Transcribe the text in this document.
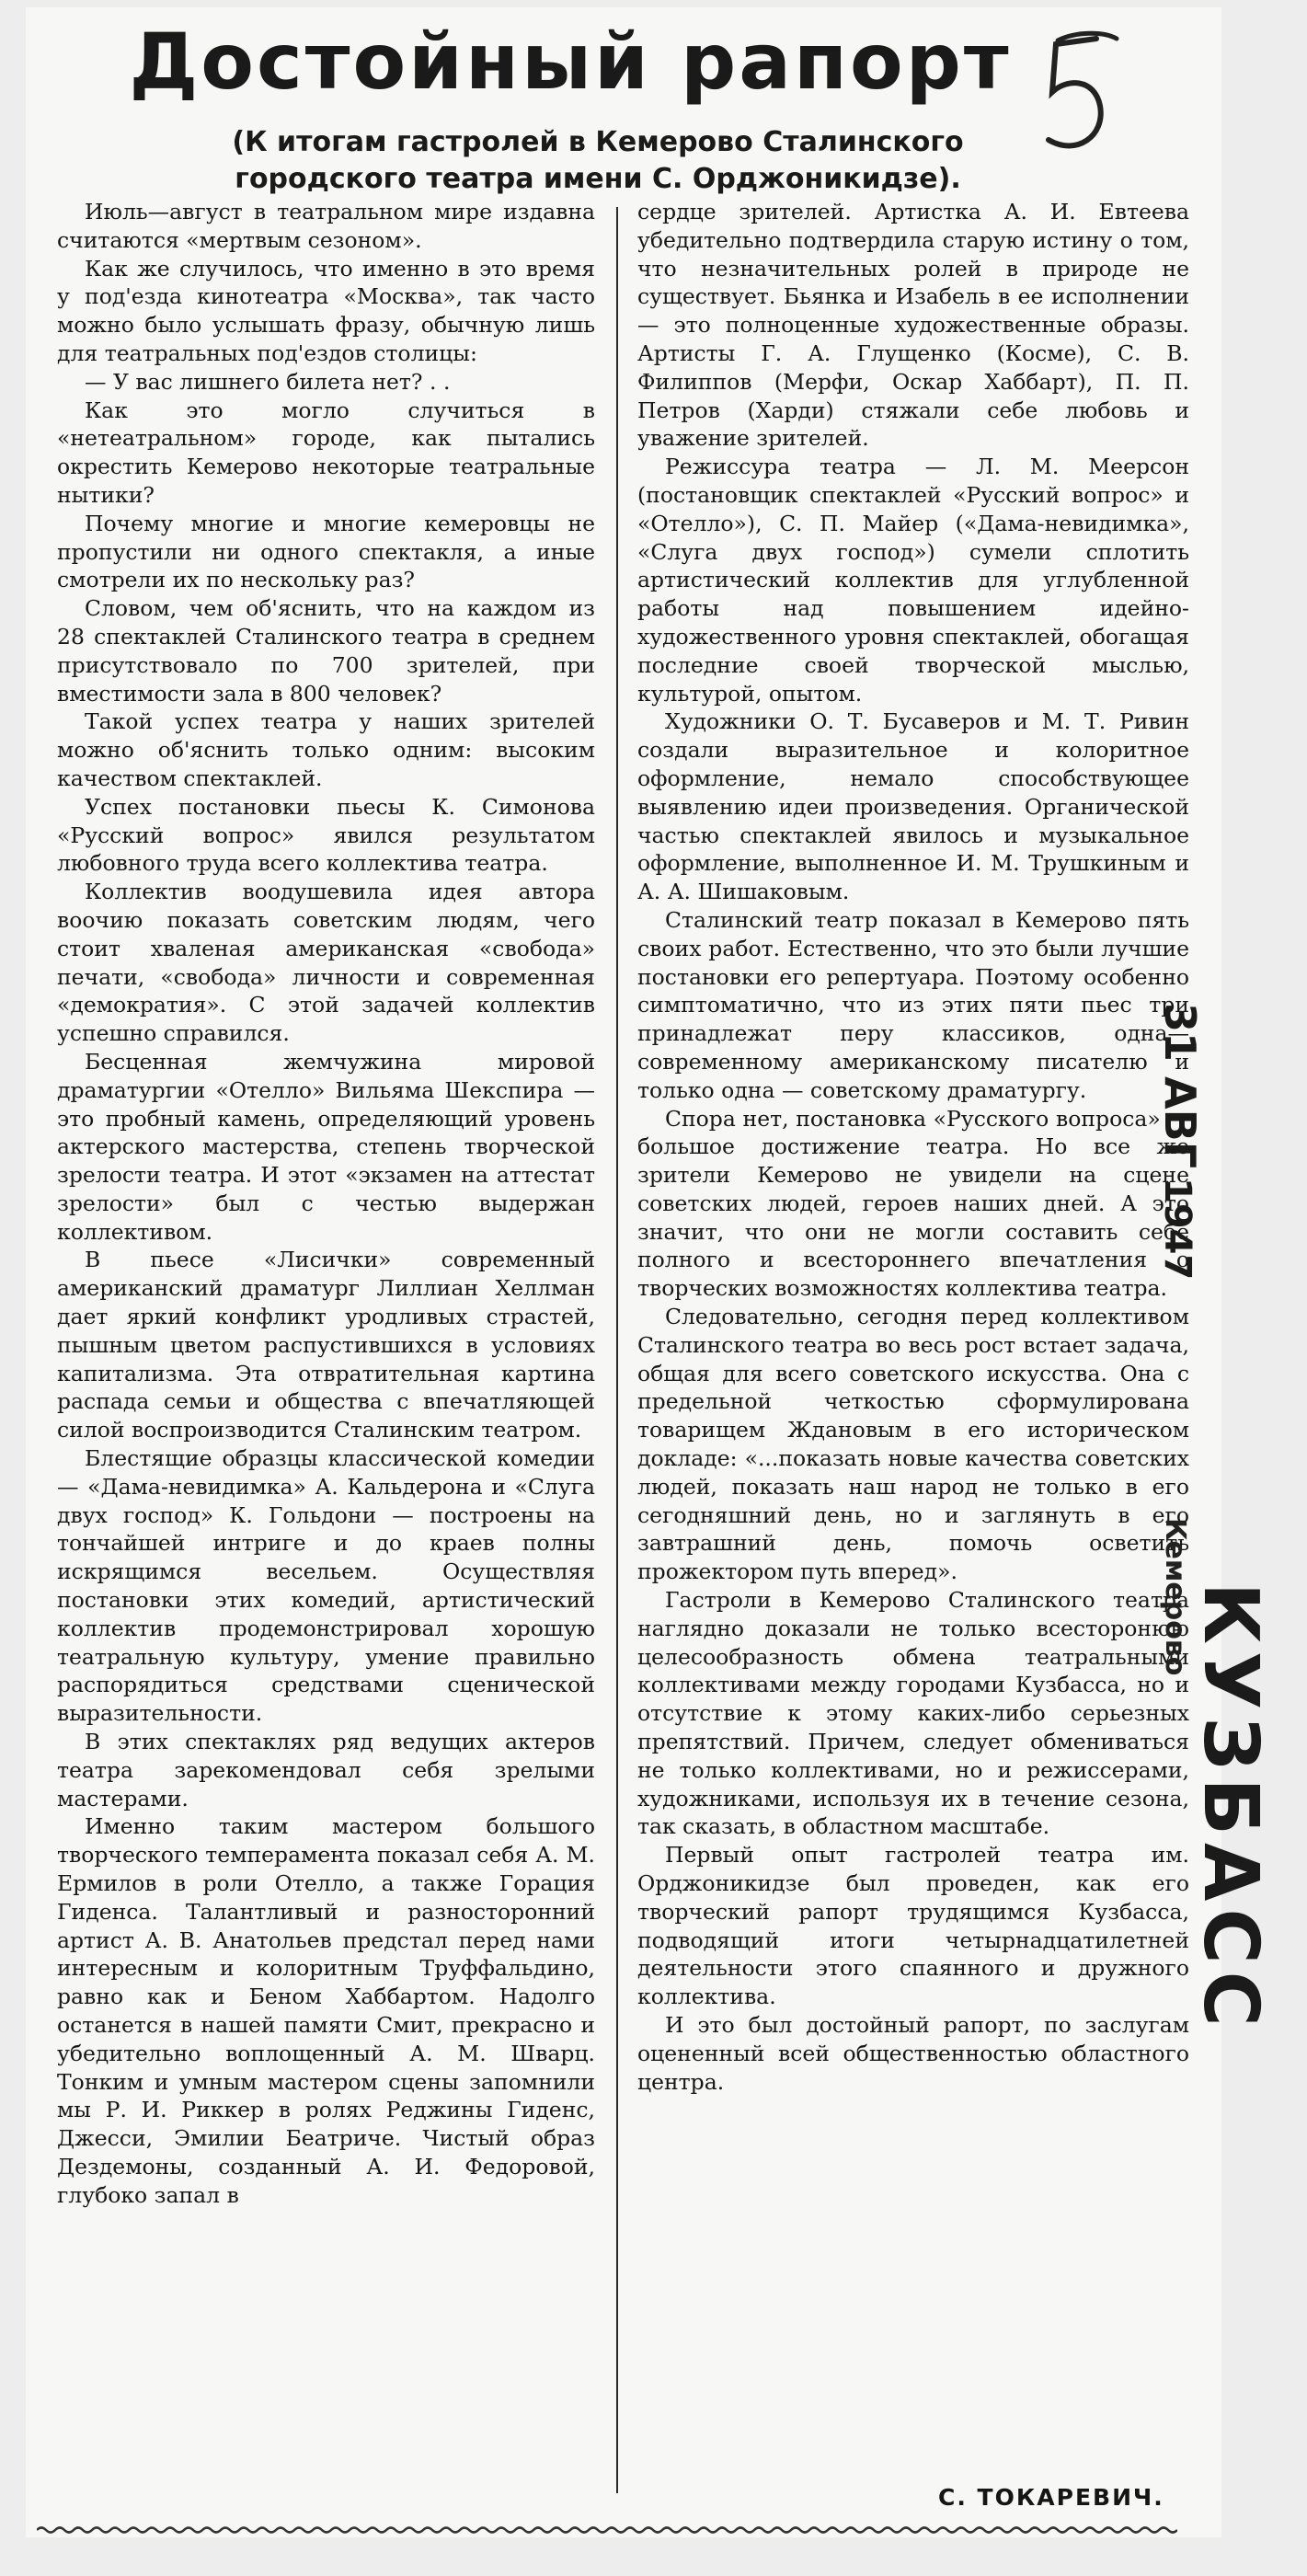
Достойный рапорт
(К итогам гастролей в Кемерово Сталинского городского театра имени С. Орджоникидзе).

Июль—август в театральном мире издавна считаются «мертвым сезоном».

Как же случилось, что именно в это время у под'езда кинотеатра «Москва», так часто можно было услышать фразу, обычную лишь для театральных под'ездов столицы:

— У вас лишнего билета нет? . .

Как это могло случиться в «нетеатральном» городе, как пытались окрестить Кемерово некоторые театральные нытики?

Почему многие и многие кемеровцы не пропустили ни одного спектакля, а иные смотрели их по нескольку раз?

Словом, чем об'яснить, что на каждом из 28 спектаклей Сталинского театра в среднем присутствовало по 700 зрителей, при вместимости зала в 800 человек?

Такой успех театра у наших зрителей можно об'яснить только одним: высоким качеством спектаклей.

Успех постановки пьесы К. Симонова «Русский вопрос» явился результатом любовного труда всего коллектива театра.

Коллектив воодушевила идея автора воочию показать советским людям, чего стоит хваленая американская «свобода» печати, «свобода» личности и современная «демократия». С этой задачей коллектив успешно справился.

Бесценная жемчужина мировой драматургии «Отелло» Вильяма Шекспира — это пробный камень, определяющий уровень актерского мастерства, степень творческой зрелости театра. И этот «экзамен на аттестат зрелости» был с честью выдержан коллективом.

В пьесе «Лисички» современный американский драматург Лиллиан Хеллман дает яркий конфликт уродливых страстей, пышным цветом распустившихся в условиях капитализма. Эта отвратительная картина распада семьи и общества с впечатляющей силой воспроизводится Сталинским театром.

Блестящие образцы классической комедии — «Дама-невидимка» А. Кальдерона и «Слуга двух господ» К. Гольдони — построены на тончайшей интриге и до краев полны искрящимся весельем. Осуществляя постановки этих комедий, артистический коллектив продемонстрировал хорошую театральную культуру, умение правильно распорядиться средствами сценической выразительности.

В этих спектаклях ряд ведущих актеров театра зарекомендовал себя зрелыми мастерами.

Именно таким мастером большого творческого темперамента показал себя А. М. Ермилов в роли Отелло, а также Горация Гиденса. Талантливый и разносторонний артист А. В. Анатольев предстал перед нами интересным и колоритным Труффальдино, равно как и Беном Хаббартом. Надолго останется в нашей памяти Смит, прекрасно и убедительно воплощенный А. М. Шварц. Тонким и умным мастером сцены запомнили мы Р. И. Риккер в ролях Реджины Гиденс, Джесси, Эмилии Беатриче. Чистый образ Дездемоны, созданный А. И. Федоровой, глубоко запал в

сердце зрителей. Артистка А. И. Евтеева убедительно подтвердила старую истину о том, что незначительных ролей в природе не существует. Бьянка и Изабель в ее исполнении — это полноценные художественные образы. Артисты Г. А. Глущенко (Косме), С. В. Филиппов (Мерфи, Оскар Хаббарт), П. П. Петров (Харди) стяжали себе любовь и уважение зрителей.

Режиссура театра — Л. М. Меерсон (постановщик спектаклей «Русский вопрос» и «Отелло»), С. П. Майер («Дама-невидимка», «Слуга двух господ») сумели сплотить артистический коллектив для углубленной работы над повышением идейно-художественного уровня спектаклей, обогащая последние своей творческой мыслью, культурой, опытом.

Художники О. Т. Бусаверов и М. Т. Ривин создали выразительное и колоритное оформление, немало способствующее выявлению идеи произведения. Органической частью спектаклей явилось и музыкальное оформление, выполненное И. М. Трушкиным и А. А. Шишаковым.

Сталинский театр показал в Кемерово пять своих работ. Естественно, что это были лучшие постановки его репертуара. Поэтому особенно симптоматично, что из этих пяти пьес три принадлежат перу классиков, одна—современному американскому писателю и только одна — советскому драматургу.

Спора нет, постановка «Русского вопроса» — большое достижение театра. Но все же зрители Кемерово не увидели на сцене советских людей, героев наших дней. А это значит, что они не могли составить себе полного и всестороннего впечатления о творческих возможностях коллектива театра.

Следовательно, сегодня перед коллективом Сталинского театра во весь рост встает задача, общая для всего советского искусства. Она с предельной четкостью сформулирована товарищем Ждановым в его историческом докладе: «...показать новые качества советских людей, показать наш народ не только в его сегодняшний день, но и заглянуть в его завтрашний день, помочь осветить прожектором путь вперед».

Гастроли в Кемерово Сталинского театра наглядно доказали не только всесторонюю целесообразность обмена театральными коллективами между городами Кузбасса, но и отсутствие к этому каких-либо серьезных препятствий. Причем, следует обмениваться не только коллективами, но и режиссерами, художниками, используя их в течение сезона, так сказать, в областном масштабе.

Первый опыт гастролей театра им. Орджоникидзе был проведен, как его творческий рапорт трудящимся Кузбасса, подводящий итоги четырнадцатилетней деятельности этого спаянного и дружного коллектива.

И это был достойный рапорт, по заслугам оцененный всей общественностью областного центра.

С. ТОКАРЕВИЧ.
31 АВГ1947
Кемерово
КУЗБАСС
